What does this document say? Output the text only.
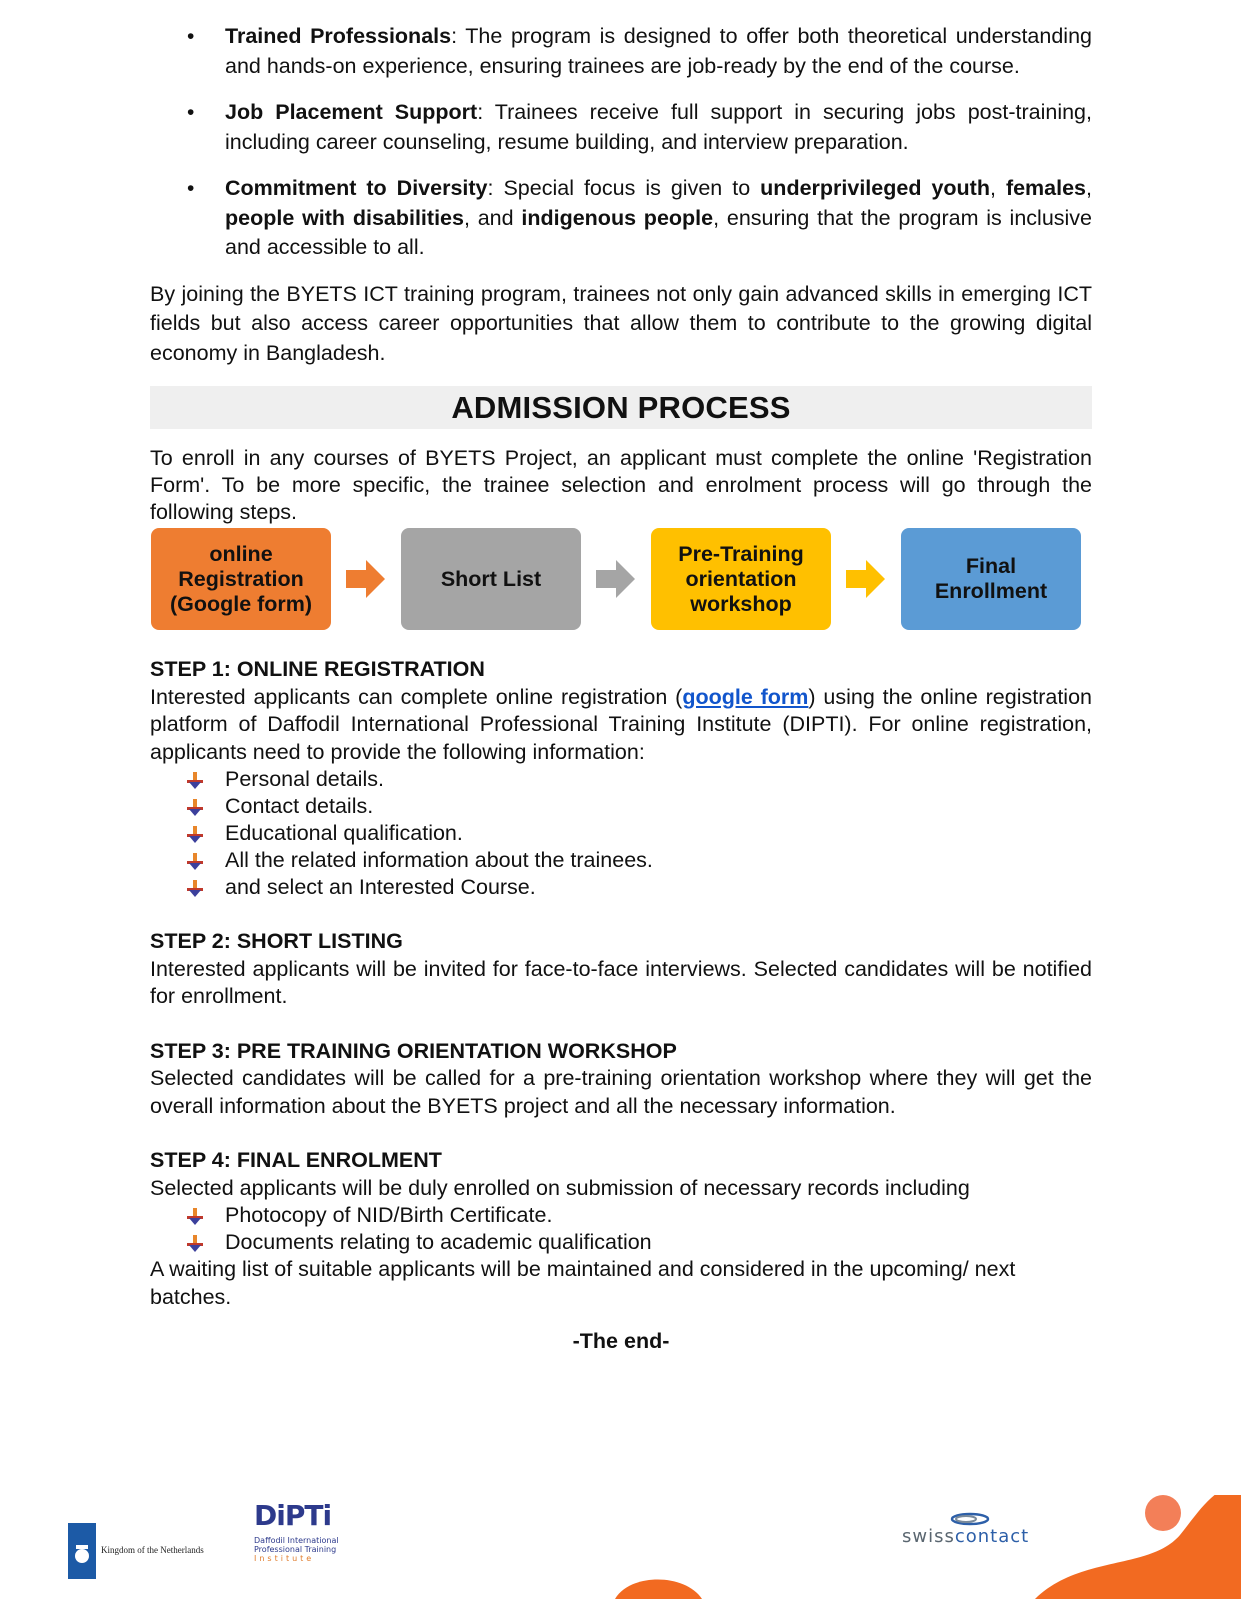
• Trained Professionals: The program is designed to offer both theoretical understanding and hands-on experience, ensuring trainees are job-ready by the end of the course.
• Job Placement Support: Trainees receive full support in securing jobs post-training, including career counseling, resume building, and interview preparation.
• Commitment to Diversity: Special focus is given to underprivileged youth, females, people with disabilities, and indigenous people, ensuring that the program is inclusive and accessible to all.

By joining the BYETS ICT training program, trainees not only gain advanced skills in emerging ICT fields but also access career opportunities that allow them to contribute to the growing digital economy in Bangladesh.

ADMISSION PROCESS

To enroll in any courses of BYETS Project, an applicant must complete the online 'Registration Form'. To be more specific, the trainee selection and enrolment process will go through the following steps.

online
Registration
(Google form)
Short List
Pre-Training
orientation
workshop
Final
Enrollment
STEP 1: ONLINE REGISTRATION

Interested applicants can complete online registration (google form) using the online registration platform of Daffodil International Professional Training Institute (DIPTI). For online registration, applicants need to provide the following information:

Personal details.
Contact details.
Educational qualification.
All the related information about the trainees.
and select an Interested Course.
STEP 2: SHORT LISTING

Interested applicants will be invited for face-to-face interviews. Selected candidates will be notified for enrollment.

STEP 3: PRE TRAINING ORIENTATION WORKSHOP

Selected candidates will be called for a pre-training orientation workshop where they will get the overall information about the BYETS project and all the necessary information.

STEP 4: FINAL ENROLMENT

Selected applicants will be duly enrolled on submission of necessary records including

Photocopy of NID/Birth Certificate.
Documents relating to academic qualification

A waiting list of suitable applicants will be maintained and considered in the upcoming/ next batches.

-The end-

Kingdom of the Netherlands
DiPTi
Daffodil International
Professional Training
Institute
swisscontact
